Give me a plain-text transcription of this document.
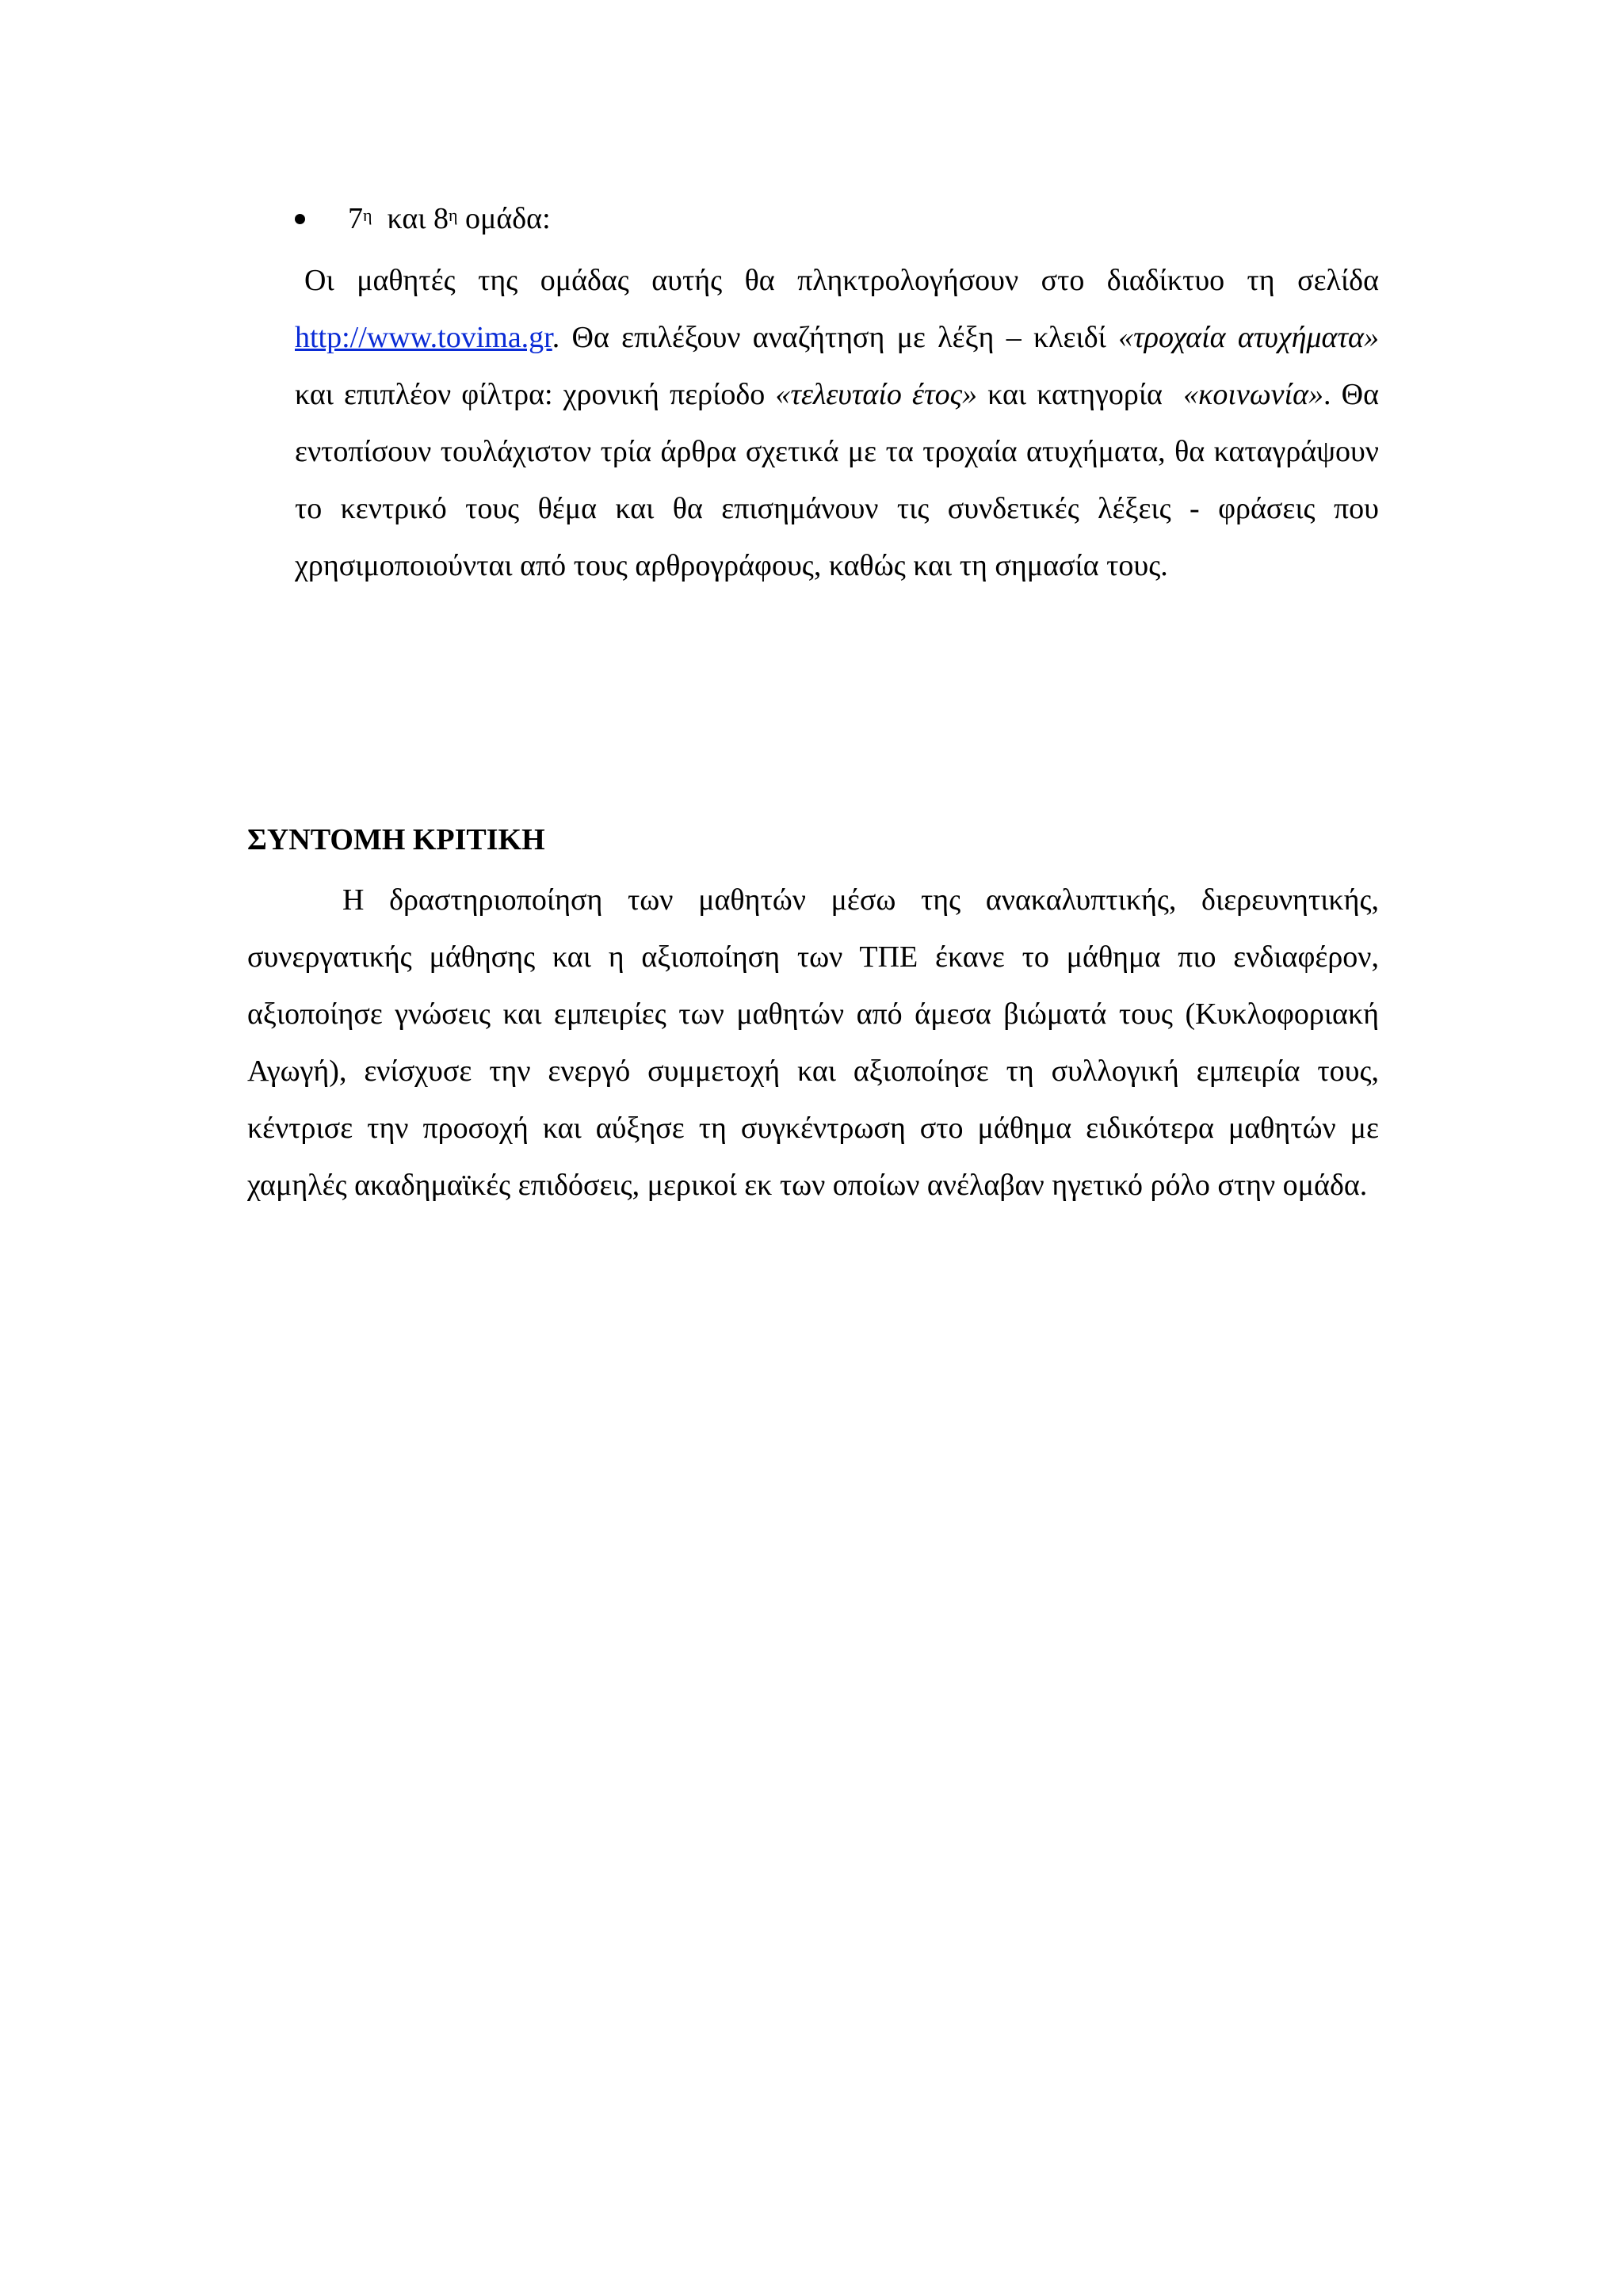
$7^\eta$ και $8^\eta$ ομάδα:

Οι μαθητές της ομάδας αυτής θα πληκτρολογήσουν στο διαδίκτυο τη σελίδα http://www.tovima.gr. Θα επιλέξουν αναζήτηση με λέξη – κλειδί «τροχαία ατυχήματα» και επιπλέον φίλτρα: χρονική περίοδο «τελευταίο έτος» και κατηγορία  «κοινωνία». Θα εντοπίσουν τουλάχιστον τρία άρθρα σχετικά με τα τροχαία ατυχήματα, θα καταγράψουν το κεντρικό τους θέμα και θα επισημάνουν τις συνδετικές λέξεις - φράσεις που χρησιμοποιούνται από τους αρθρογράφους, καθώς και τη σημασία τους.

ΣΥΝΤΟΜΗ ΚΡΙΤΙΚΗ

Η δραστηριοποίηση των μαθητών μέσω της ανακαλυπτικής, διερευνητικής, συνεργατικής μάθησης και η αξιοποίηση των ΤΠΕ έκανε το μάθημα πιο ενδιαφέρον, αξιοποίησε γνώσεις και εμπειρίες των μαθητών από άμεσα βιώματά τους (Κυκλοφοριακή Αγωγή), ενίσχυσε την ενεργό συμμετοχή και αξιοποίησε τη συλλογική εμπειρία τους, κέντρισε την προσοχή και αύξησε τη συγκέντρωση στο μάθημα ειδικότερα μαθητών με χαμηλές ακαδημαϊκές επιδόσεις, μερικοί εκ των οποίων ανέλαβαν ηγετικό ρόλο στην ομάδα.
